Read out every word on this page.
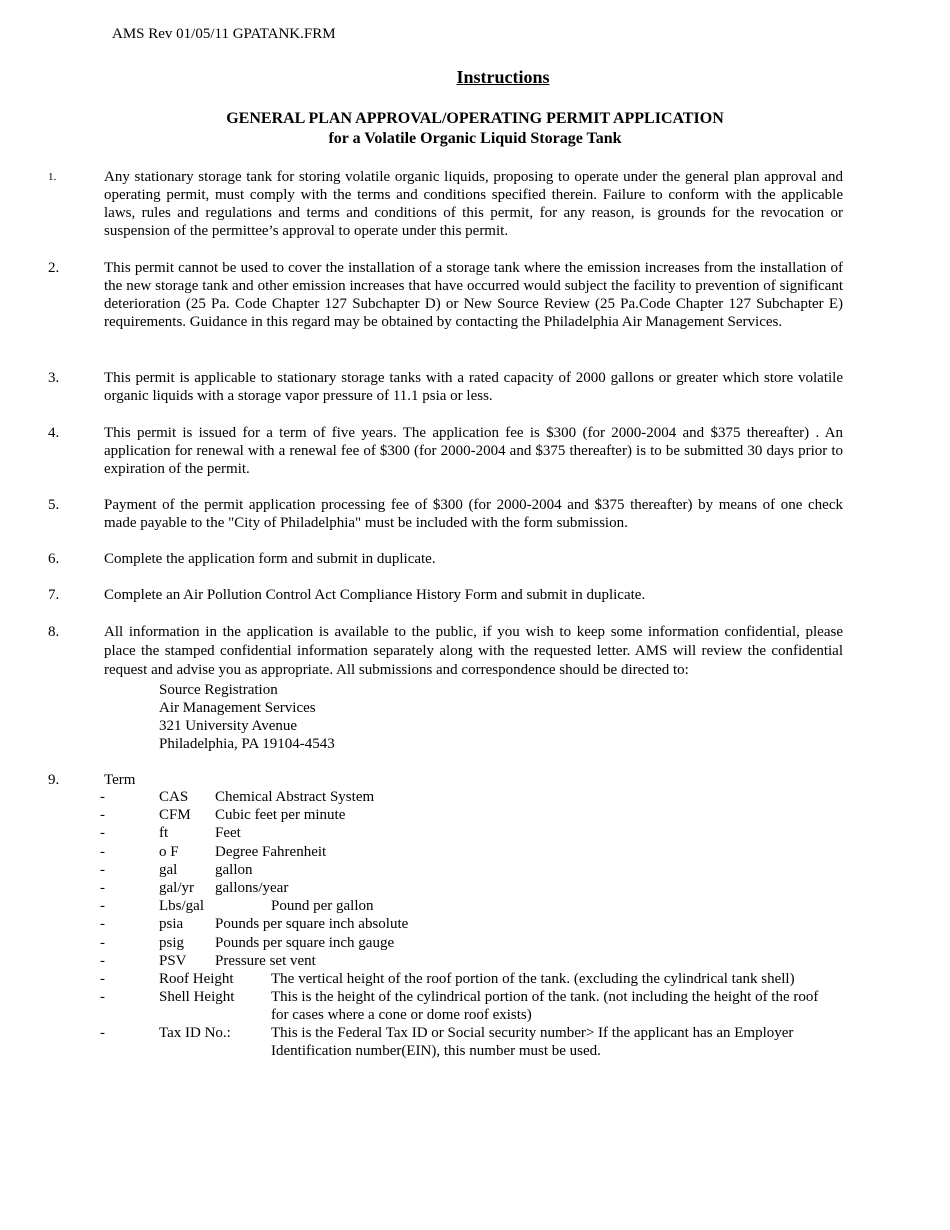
AMS Rev 01/05/11 GPATANK.FRM
Instructions
GENERAL PLAN APPROVAL/OPERATING PERMIT APPLICATION
for a Volatile Organic Liquid Storage Tank
1.	Any stationary storage tank for storing volatile organic liquids, proposing to operate under the general plan approval and operating permit, must comply with the terms and conditions specified therein. Failure to conform with the applicable laws, rules and regulations and terms and conditions of this permit, for any reason, is grounds for the revocation or suspension of the permittee’s approval to operate under this permit.
2.	This permit cannot be used to cover the installation of a storage tank where the emission increases from the installation of the new storage tank and other emission increases that have occurred would subject the facility to prevention of significant deterioration (25 Pa. Code Chapter 127 Subchapter D) or New Source Review (25 Pa.Code Chapter 127 Subchapter E) requirements. Guidance in this regard may be obtained by contacting the Philadelphia Air Management Services.
3.	This permit is applicable to stationary storage tanks with a rated capacity of 2000 gallons or greater which store volatile organic liquids with a storage vapor pressure of 11.1 psia or less.
4.	This permit is issued for a term of five years. The application fee is $300 (for 2000-2004 and $375 thereafter) . An application for renewal with a renewal fee of $300 (for 2000-2004 and $375 thereafter) is to be submitted 30 days prior to expiration of the permit.
5.	Payment of the permit application processing fee of $300 (for 2000-2004 and $375 thereafter) by means of one check made payable to the "City of Philadelphia" must be included with the form submission.
6.	Complete the application form and submit in duplicate.
7.	Complete an Air Pollution Control Act Compliance History Form and submit in duplicate.
8.	All information in the application is available to the public, if you wish to keep some information confidential, please place the stamped confidential information separately along with the requested letter. AMS will review the confidential request and advise you as appropriate. All submissions and correspondence should be directed to:
Source Registration
Air Management Services
321 University Avenue
Philadelphia, PA 19104-4543
9.	Term
-	CAS Chemical Abstract System
-	CFM Cubic feet per minute
-	ft	Feet
-	o F Degree Fahrenheit
-	gal	gallon
-	gal/yr gallons/year
-	Lbs/gal	Pound per gallon
-	psia Pounds per square inch absolute
-	psig Pounds per square inch gauge
-	PSV Pressure set vent
-	Roof Height The vertical height of the roof portion of the tank. (excluding the cylindrical tank shell)
-	Shell Height This is the height of the cylindrical portion of the tank. (not including the height of the roof for cases where a cone or dome roof exists)
-	Tax ID No.:	This is the Federal Tax ID or Social security number> If the applicant has an Employer Identification number(EIN), this number must be used.
